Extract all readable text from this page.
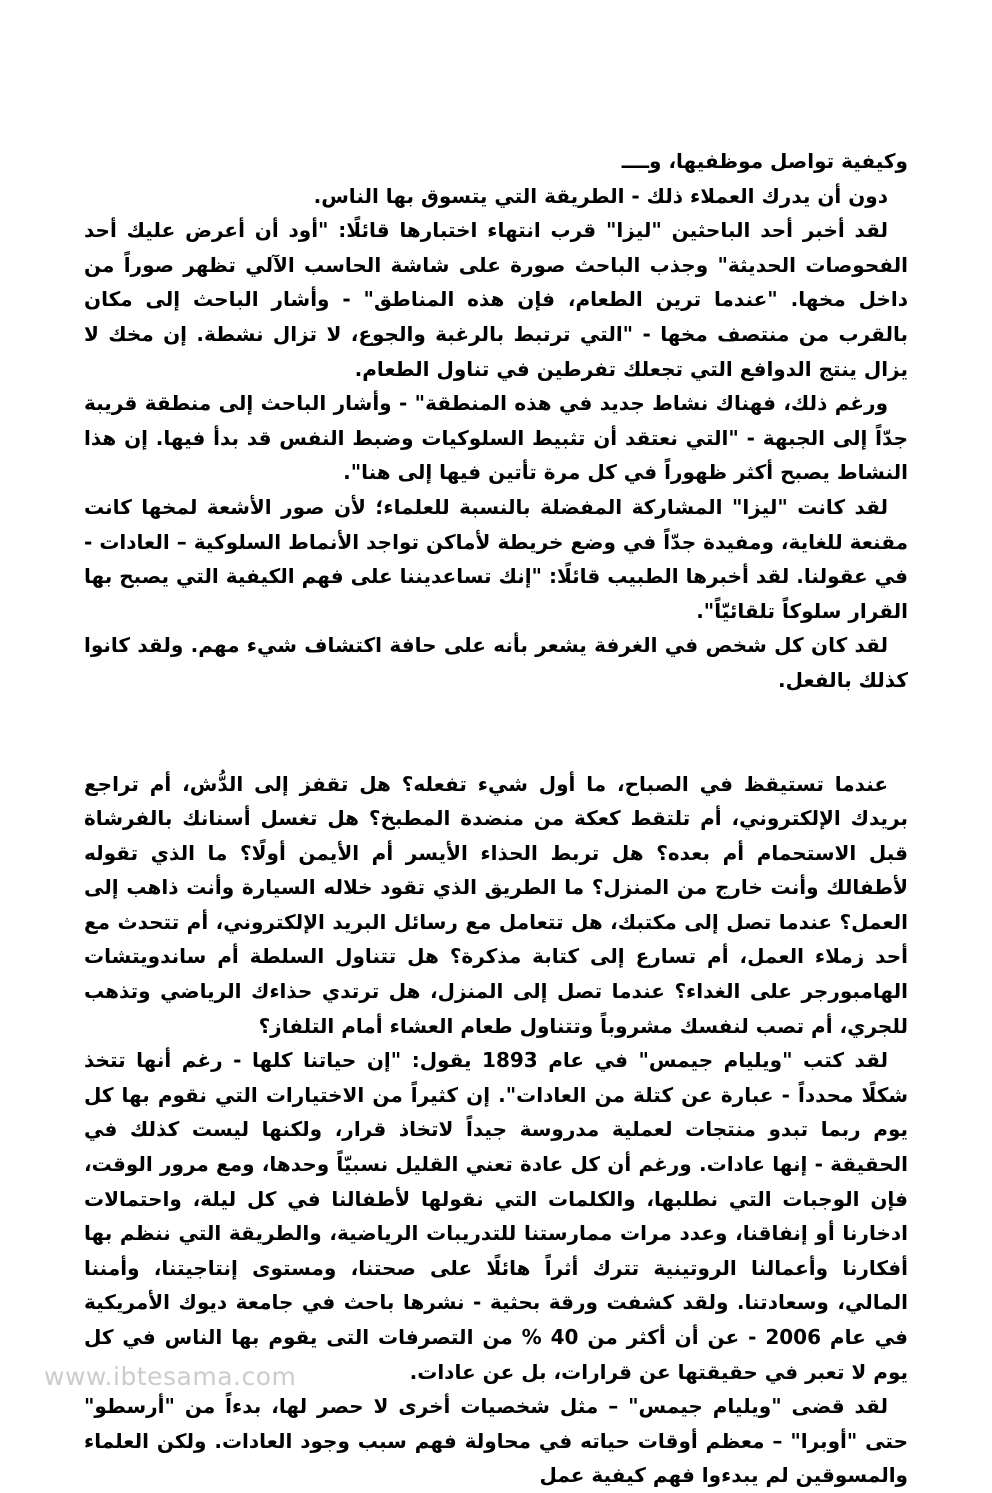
وكيفية تواصل موظفيها، وــــ

دون أن يدرك العملاء ذلك - الطريقة التي يتسوق بها الناس.

لقد أخبر أحد الباحثين "ليزا" قرب انتهاء اختبارها قائلًا: "أود أن أعرض عليك أحد الفحوصات الحديثة" وجذب الباحث صورة على شاشة الحاسب الآلي تظهر صوراً من داخل مخها. "عندما ترين الطعام، فإن هذه المناطق" - وأشار الباحث إلى مكان بالقرب من منتصف مخها - "التي ترتبط بالرغبة والجوع، لا تزال نشطة. إن مخك لا يزال ينتج الدوافع التي تجعلك تفرطين في تناول الطعام.

ورغم ذلك، فهناك نشاط جديد في هذه المنطقة" - وأشار الباحث إلى منطقة قريبة جدّاً إلى الجبهة - "التي نعتقد أن تثبيط السلوكيات وضبط النفس قد بدأ فيها. إن هذا النشاط يصبح أكثر ظهوراً في كل مرة تأتين فيها إلى هنا".

لقد كانت "ليزا" المشاركة المفضلة بالنسبة للعلماء؛ لأن صور الأشعة لمخها كانت مقنعة للغاية، ومفيدة جدّاً في وضع خريطة لأماكن تواجد الأنماط السلوكية – العادات - في عقولنا. لقد أخبرها الطبيب قائلًا: "إنك تساعديننا على فهم الكيفية التي يصبح بها القرار سلوكاً تلقائيّاً".

لقد كان كل شخص في الغرفة يشعر بأنه على حافة اكتشاف شيء مهم. ولقد كانوا كذلك بالفعل.

عندما تستيقظ في الصباح، ما أول شيء تفعله؟ هل تقفز إلى الدُّش، أم تراجع بريدك الإلكتروني، أم تلتقط كعكة من منضدة المطبخ؟ هل تغسل أسنانك بالفرشاة قبل الاستحمام أم بعده؟ هل تربط الحذاء الأيسر أم الأيمن أولًا؟ ما الذي تقوله لأطفالك وأنت خارج من المنزل؟ ما الطريق الذي تقود خلاله السيارة وأنت ذاهب إلى العمل؟ عندما تصل إلى مكتبك، هل تتعامل مع رسائل البريد الإلكتروني، أم تتحدث مع أحد زملاء العمل، أم تسارع إلى كتابة مذكرة؟ هل تتناول السلطة أم ساندويتشات الهامبورجر على الغداء؟ عندما تصل إلى المنزل، هل ترتدي حذاءك الرياضي وتذهب للجري، أم تصب لنفسك مشروباً وتتناول طعام العشاء أمام التلفاز؟

لقد كتب "ويليام جيمس" في عام 1893 يقول: "إن حياتنا كلها - رغم أنها تتخذ شكلًا محدداً - عبارة عن كتلة من العادات". إن كثيراً من الاختيارات التي نقوم بها كل يوم ربما تبدو منتجات لعملية مدروسة جيداً لاتخاذ قرار، ولكنها ليست كذلك في الحقيقة - إنها عادات. ورغم أن كل عادة تعني القليل نسبيّاً وحدها، ومع مرور الوقت، فإن الوجبات التي نطلبها، والكلمات التي نقولها لأطفالنا في كل ليلة، واحتمالات ادخارنا أو إنفاقنا، وعدد مرات ممارستنا للتدريبات الرياضية، والطريقة التي ننظم بها أفكارنا وأعمالنا الروتينية تترك أثراً هائلًا على صحتنا، ومستوى إنتاجيتنا، وأمننا المالي، وسعادتنا. ولقد كشفت ورقة بحثية - نشرها باحث في جامعة ديوك الأمريكية في عام 2006 - عن أن أكثر من 40 % من التصرفات التى يقوم بها الناس في كل يوم لا تعبر في حقيقتها عن قرارات، بل عن عادات.

لقد قضى "ويليام جيمس" – مثل شخصيات أخرى لا حصر لها، بدءاً من "أرسطو" حتى "أوبرا" – معظم أوقات حياته في محاولة فهم سبب وجود العادات. ولكن العلماء والمسوقين لم يبدءوا فهم كيفية عمل

www.ibtesama.com
